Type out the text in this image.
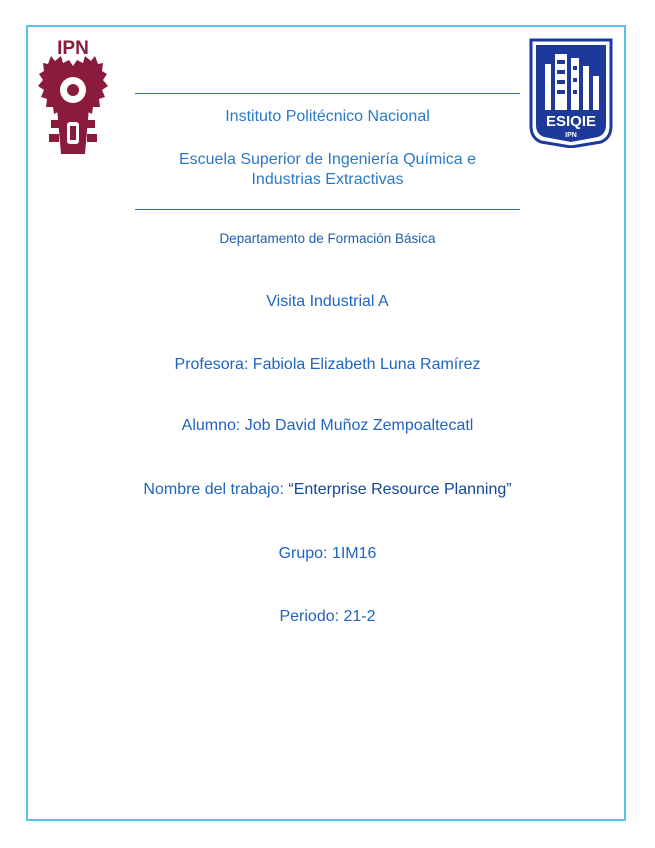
IPN
ESIQIE
IPN
Instituto Politécnico Nacional
Escuela Superior de Ingeniería Química e
Industrias Extractivas
Departamento de Formación Básica
Visita Industrial A
Profesora: Fabiola Elizabeth Luna Ramírez
Alumno: Job David Muñoz Zempoaltecatl
Nombre del trabajo: “Enterprise Resource Planning”
Grupo: 1IM16
Periodo: 21-2
